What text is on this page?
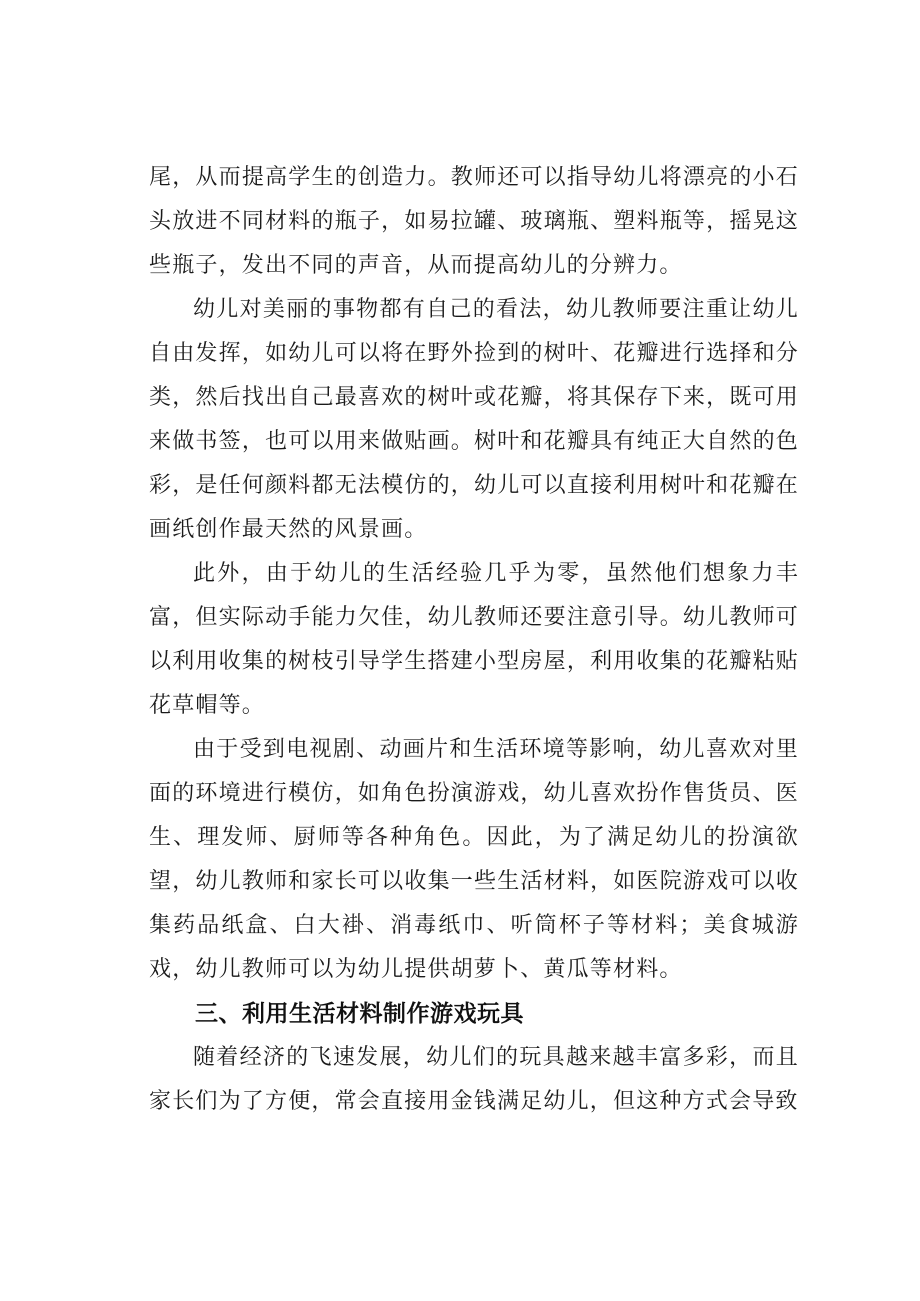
尾，从而提高学生的创造力。教师还可以指导幼儿将漂亮的小石头放进不同材料的瓶子，如易拉罐、玻璃瓶、塑料瓶等，摇晃这些瓶子，发出不同的声音，从而提高幼儿的分辨力。

幼儿对美丽的事物都有自己的看法，幼儿教师要注重让幼儿自由发挥，如幼儿可以将在野外捡到的树叶、花瓣进行选择和分类，然后找出自己最喜欢的树叶或花瓣，将其保存下来，既可用来做书签，也可以用来做贴画。树叶和花瓣具有纯正大自然的色彩，是任何颜料都无法模仿的，幼儿可以直接利用树叶和花瓣在画纸创作最天然的风景画。

此外，由于幼儿的生活经验几乎为零，虽然他们想象力丰富，但实际动手能力欠佳，幼儿教师还要注意引导。幼儿教师可以利用收集的树枝引导学生搭建小型房屋，利用收集的花瓣粘贴花草帽等。

由于受到电视剧、动画片和生活环境等影响，幼儿喜欢对里面的环境进行模仿，如角色扮演游戏，幼儿喜欢扮作售货员、医生、理发师、厨师等各种角色。因此，为了满足幼儿的扮演欲望，幼儿教师和家长可以收集一些生活材料，如医院游戏可以收集药品纸盒、白大褂、消毒纸巾、听筒杯子等材料；美食城游戏，幼儿教师可以为幼儿提供胡萝卜、黄瓜等材料。

三、利用生活材料制作游戏玩具

随着经济的飞速发展，幼儿们的玩具越来越丰富多彩，而且家长们为了方便，常会直接用金钱满足幼儿，但这种方式会导致
